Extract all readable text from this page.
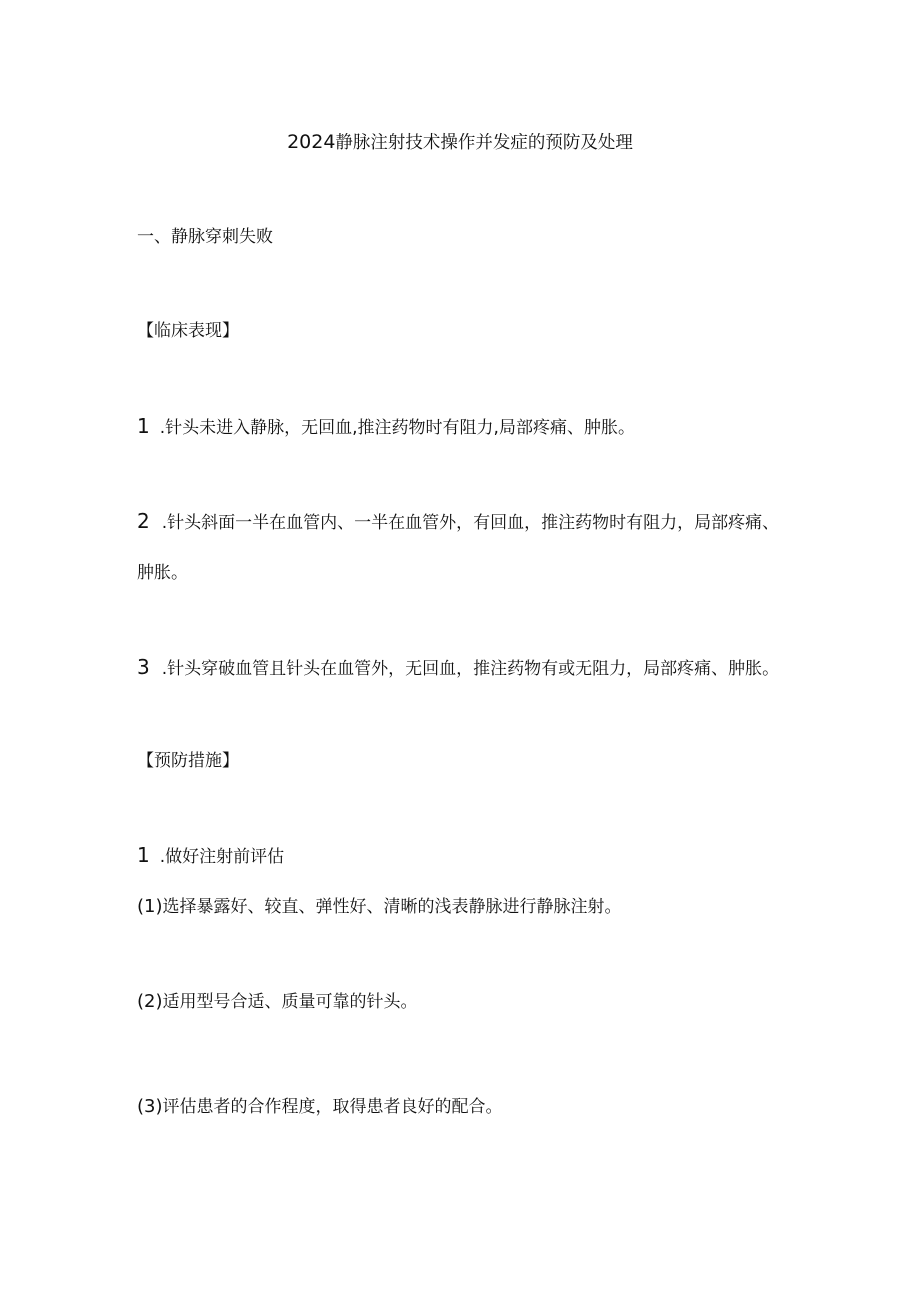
2024静脉注射技术操作并发症的预防及处理
一、静脉穿刺失败
【临床表现】
1 .针头未进入静脉，无回血,推注药物时有阻力,局部疼痛、肿胀。
2 .针头斜面一半在血管内、一半在血管外，有回血，推注药物时有阻力，局部疼痛、
肿胀。
3 .针头穿破血管且针头在血管外，无回血，推注药物有或无阻力，局部疼痛、肿胀。
【预防措施】
1 .做好注射前评估
(1)选择暴露好、较直、弹性好、清晰的浅表静脉进行静脉注射。
(2)适用型号合适、质量可靠的针头。
(3)评估患者的合作程度，取得患者良好的配合。
